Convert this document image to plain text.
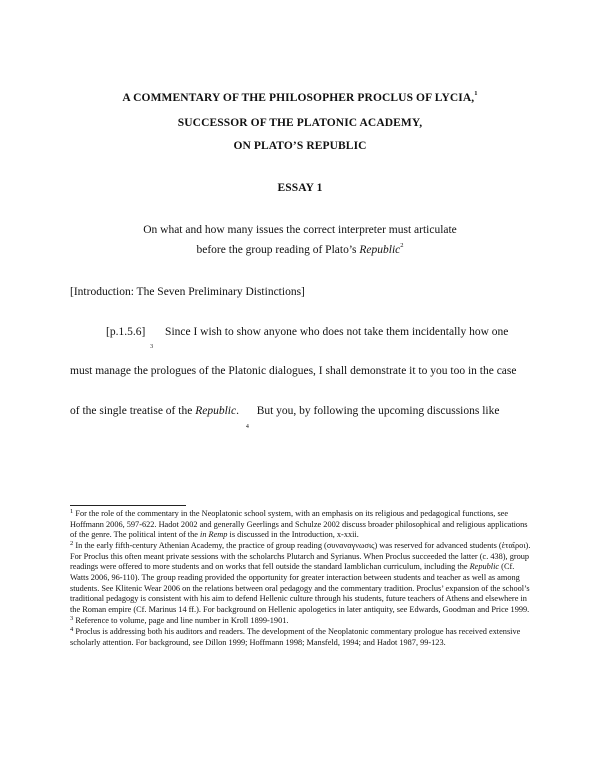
A COMMENTARY OF THE PHILOSOPHER PROCLUS OF LYCIA,$^1$
SUCCESSOR OF THE PLATONIC ACADEMY,
ON PLATO’S REPUBLIC
ESSAY 1
On what and how many issues the correct interpreter must articulate
before the group reading of Plato’s Republic$^2$
[Introduction: The Seven Preliminary Distinctions]
[p.1.5.6]
3
Since I wish to show anyone who does not take them incidentally how one
must manage the prologues of the Platonic dialogues, I shall demonstrate it to you too in the case
of the single treatise of the Republic.
4
But you, by following the upcoming discussions like

$^1$ For the role of the commentary in the Neoplatonic school system, with an emphasis on its religious and pedagogical functions, see Hoffmann 2006, 597-622. Hadot 2002 and generally Geerlings and Schulze 2002 discuss broader philosophical and religious applications of the genre. The political intent of the in Remp is discussed in the Introduction, x-xxii.

$^2$ In the early fifth-century Athenian Academy, the practice of group reading (συναναγνωσις) was reserved for advanced students (ἑταῖροι). For Proclus this often meant private sessions with the scholarchs Plutarch and Syrianus. When Proclus succeeded the latter (c. 438), group readings were offered to more students and on works that fell outside the standard Iamblichan curriculum, including the Republic (Cf. Watts 2006, 96-110). The group reading provided the opportunity for greater interaction between students and teacher as well as among students. See Klitenic Wear 2006 on the relations between oral pedagogy and the commentary tradition. Proclus’ expansion of the school’s traditional pedagogy is consistent with his aim to defend Hellenic culture through his students, future teachers of Athens and elsewhere in the Roman empire (Cf. Marinus 14 ff.). For background on Hellenic apologetics in later antiquity, see Edwards, Goodman and Price 1999.

$^3$ Reference to volume, page and line number in Kroll 1899-1901.

$^4$ Proclus is addressing both his auditors and readers. The development of the Neoplatonic commentary prologue has received extensive scholarly attention. For background, see Dillon 1999; Hoffmann 1998; Mansfeld, 1994; and Hadot 1987, 99-123.
